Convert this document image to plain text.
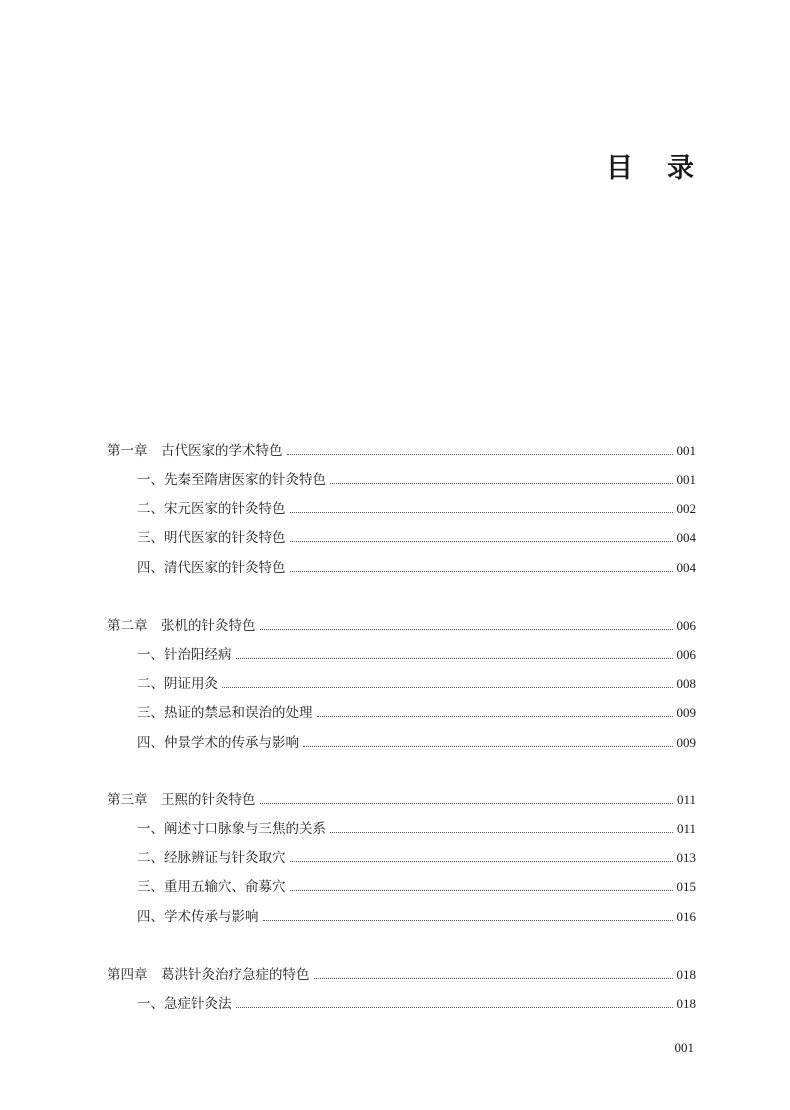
目 录
第一章　古代医家的学术特色	001
一、先秦至隋唐医家的针灸特色	001
二、宋元医家的针灸特色	002
三、明代医家的针灸特色	004
四、清代医家的针灸特色	004
第二章　张机的针灸特色	006
一、针治阳经病	006
二、阴证用灸	008
三、热证的禁忌和误治的处理	009
四、仲景学术的传承与影响	009
第三章　王熙的针灸特色	011
一、阐述寸口脉象与三焦的关系	011
二、经脉辨证与针灸取穴	013
三、重用五输穴、俞募穴	015
四、学术传承与影响	016
第四章　葛洪针灸治疗急症的特色	018
一、急症针灸法	018
001
